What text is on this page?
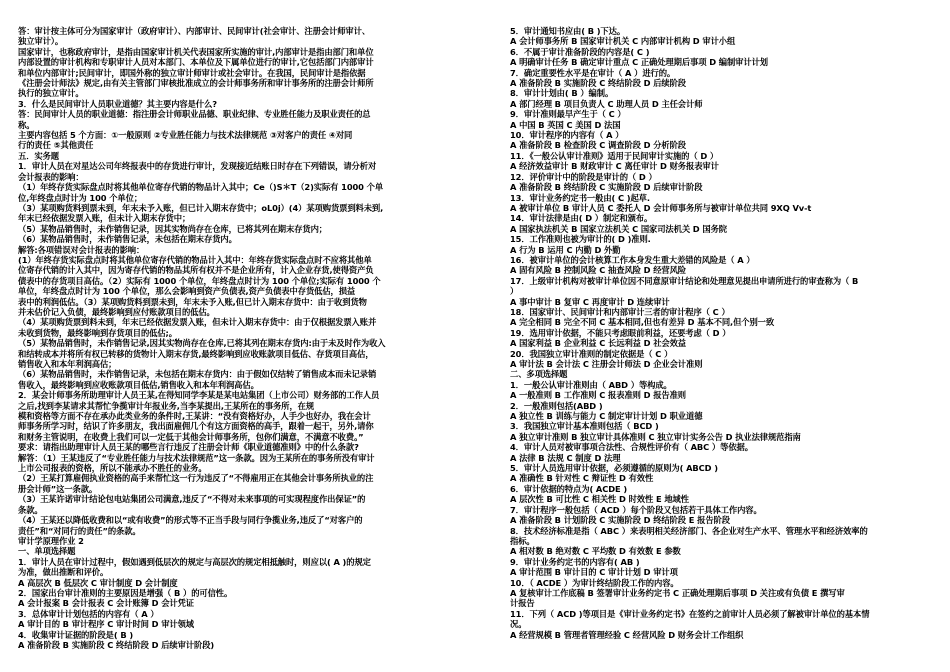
答：审计按主体可分为国家审计（政府审计）、内部审计、民间审计(社会审计、注册会计师审计、

独立审计）。

国家审计，也称政府审计，是指由国家审计机关代表国家所实施的审计,内部审计是指由部门和单位

内部设置的审计机构和专职审计人员对本部门、本单位及下属单位进行的审计,它包括部门内部审计

和单位内部审计;民间审计，即国外称的独立审计师审计或社会审计。在我国，民间审计是指依据

《注册会计师法》规定,由有关主管部门审核批准成立的会计师事务所和审计事务所的注册会计师所

执行的独立审计。

3．什么是民间审计人员职业道德？其主要内容是什么?

答：民间审计人员的职业道德：指注册会计师职业品德、职业纪律、专业胜任能力及职业责任的总

称。

主要内容包括 5 个方面：①一般原则 ②专业胜任能力与技术法律规范 ③对客户的责任 ④对同

行的责任 ⑤其他责任

五．实务题

1．审计人员在对星达公司年终报表中的存货进行审计，发现接近结账日时存在下列错误，请分析对

会计报表的影响：

（1）年终存货实际盘点时将其他单位寄存代销的物品计入其中；Ce（)S＊T（2)实际有 1000 个单

位,年终盘点时计为 100 个单位；

（3）某项购货料到票未到，年末未予入账，但已计入期末存货中；oL0j）(4）某项购货票到料未到,

年末已经依据发票入账，但未计入期末存货中；

（5）某物品销售时，未作销售记录，因其实物尚存在仓库，已将其列在期末存货内；

（6）某物品销售时，未作销售记录，未包括在期末存货内。

解答:各项错误对会计报表的影响：

(1）年终存货实际盘点时将其他单位寄存代销的物品计入其中：年终存货实际盘点时不应将其他单

位寄存代销的计入其中，因为寄存代销的物品其所有权并不是企业所有，计入企业存货,使得资产负

债表中的存货项目高估。（2）实际有 1000 个单位，年终盘点时计为 100 个单位;实际有 1000 个

单位，年终盘点时计为 100 个单位，那么会影响到资产负债表,资产负债表中存货低估，损益

表中的利润低估。（3）某项购货料到票未到，年末未予入账,但已计入期末存货中：由于收到货物

并未估价记入负债，最终影响到应付账款项目的低估。

（4）某项购货票到料未到，年末已经依据发票入账，但未计入期末存货中：由于仅根据发票入账并

未收到货物，最终影响到存货项目的低估;。

（5）某物品销售时，未作销售记录,因其实物尚存在仓库,已将其列在期末存货内:由于未及时作为收入

和结转成本并将所有权已转移的货物计入期末存货,最终影响到应收账款项目低估、存货项目高估，

销售收入和本年利润高估；

（6）某物品销售时，未作销售记录，未包括在期末存货内：由于假如仅结转了销售成本而未记录销

售收入，最终影响到应收账款项目低估,销售收入和本年利润高估。

2．某会计师事务所助理审计人员王某,在得知同学李某是某电站集团（上市公司）财务部的工作人员

之后,找到李某请求其帮忙争揽审计年报业务,当李某提出,王某所在的事务所，在规

模和资格等方面不存在承办此类业务的条件时,王某讲：“没有资格好办，人手少也好办，我在会计

师事务所学习时，结识了许多朋友，我出面雇佣几个有这方面资格的高手，跟着一起干，另外,请你

和财务主管说明，在收费上我们可以一定低于其他会计师事务所，包你们满意，不满意不收费。”

要求：请指出助理审计人员王某的哪些言行违反了注册会计师《职业道德准则》中的什么条款?

解答：（1）王某违反了“专业胜任能力与技术法律规范”这一条款。因为王某所在的事务所没有审计

上市公司报表的资格，所以不能承办不胜任的业务。

（2）王某打算雇佣执业资格的高手来帮忙这一行为违反了“不得雇用正在其他会计事务所执业的注

册会计师”这一条款。

（3）王某许诺审计结论包电站集团公司满意,违反了“不得对未来事项的可实现程度作出保证”的

条款。

（4）王某还以降低收费和以“或有收费”的形式等不正当手段与同行争揽业务,违反了“对客户的

责任”和“对同行的责任”的条款。

审计学原理作业 2

一、单项选择题

1．审计人员在审计过程中，假如遇到低层次的规定与高层次的规定相抵触时，则应以( A )的规定

为准，做出推断和评价。

A 高层次 B 低层次 C 审计制度 D 会计制度

2．国家出台审计准则的主要原因是增强（ B ）的可信性。

A 会计报案 B 会计报表 C 会计账簿 D 会计凭证

3．总体审计计划包括的内容有（ A ）

A 审计目的 B 审计程序 C 审计时间 D 审计领域

4．收集审计证据的阶段是( B )

A 准备阶段 B 实施阶段 C 终结阶段 D 后续审计阶段)

5．审计通知书应由( B )下达。

A 会计师事务所 B 国家审计机关 C 内部审计机构 D 审计小组

6．不属于审计准备阶段的内容是( C )

A 明确审计任务 B 确定审计重点 C 正确处理期后事项 D 编制审计计划

7．确定重要性水平是在审计（ A ）进行的。

A 准备阶段 B 实施阶段 C 终结阶段 D 后续阶段

8．审计计划由( B ）编制。

A 部门经理 B 项目负责人 C 助理人员 D 主任会计师

9．审计准则最早产生于（ C ）

A 中国 B 英国 C 美国 D 法国

10．审计程序的内容有（ A ）

A 准备阶段 B 检查阶段 C 调查阶段 D 分析阶段

11．《一般公认审计准则》适用于民间审计实施的（ D ）

A 经济效益审计 B 财政审计 C 离任审计 D 财务报表审计

12．评价审计中的阶段是审计的（ D ）

A 准备阶段 B 终结阶段 C 实施阶段 D 后续审计阶段

13．审计业务约定书一般由( C )起草.

A 被审计单位 B 审计人员 C 委托人 D 会计师事务所与被审计单位共同 9XQ Vv-t

14．审计法律是由( D ）制定和颁布。

A 国家执法机关 B 国家立法机关 C 国家司法机关 D 国务院

15．工作准则也被为审计的( D )准则.

A 行为 B 运用 C 内勤 D 外勤

16．被审计单位的会计核算工作本身发生重大差错的风险是（ A ）

A 固有风险 B 控制风险 C 抽查风险 D 经营风险

17．上级审计机构对被审计单位因不同意原审计结论和处理意见提出申请所进行的审查称为（ B

）

A 事中审计 B 复审 C 再度审计 D 连续审计

18．国家审计、民间审计和内部审计三者的审计程序（ C ）

A 完全相同 B 完全不同 C 基本相同,但也有差异 D 基本不同,但个别一致

19．选用审计依据，不能只考虑眼前利益，还要考虑（ D ）

A 国家利益 B 企业利益 C 长远利益 D 社会效益

20．我国独立审计准则的制定依据是（ C ）

A 审计法 B 会计法 C 注册会计师法 D 企业会计准则

二、多项选择题

1．一般公认审计准则由（ ABD ）等构成。

A 一般准则 B 工作准则 C 报表准则 D 报告准则

2．一般准则包括(ABD )

A 独立性 B 训练与能力 C 制定审计计划 D 职业道德

3．我国独立审计基本准则包括（ BCD )

A 独立审计准则 B 独立审计具体准则 C 独立审计实务公告 D 执业法律规范指南

4．审计人员对被审事项合法性、合规性评价有（ ABC ）等依据。

A 法律 B 法规 C 制度 D 法理

5．审计人员选用审计依据，必须遵循的原则为( ABCD )

A 准确性 B 针对性 C 辩证性 D 有效性

6．审计依据的特点为( ACDE )

A 层次性 B 可比性 C 相关性 D 时效性 E 地域性

7．审计程序一般包括（ ACD ）每个阶段又包括若干具体工作内容。

A 准备阶段 B 计划阶段 C 实施阶段 D 终结阶段 E 报告阶段

8．技术经济标准是指（ ABC ）来表明相关经济部门、各企业对生产水平、管理水平和经济效率的

指标。

A 相对数 B 绝对数 C 平均数 D 有效数 E 参数

9．审计业务约定书的内容有( AB )

A 审计范围 B 审计目的 C 审计计划 D 审计项

10．（ ACDE ）为审计终结阶段工作的内容。

A 复核审计工作底稿 B 签署审计业务约定书 C 正确处理期后事项 D 关注或有负债 E 撰写审

计报告

11．下列（ ACD )等项目是《审计业务约定书》在签约之前审计人员必须了解被审计单位的基本情

况。

A 经营规模 B 管理者管理经验 C 经营风险 D 财务会计工作组织
